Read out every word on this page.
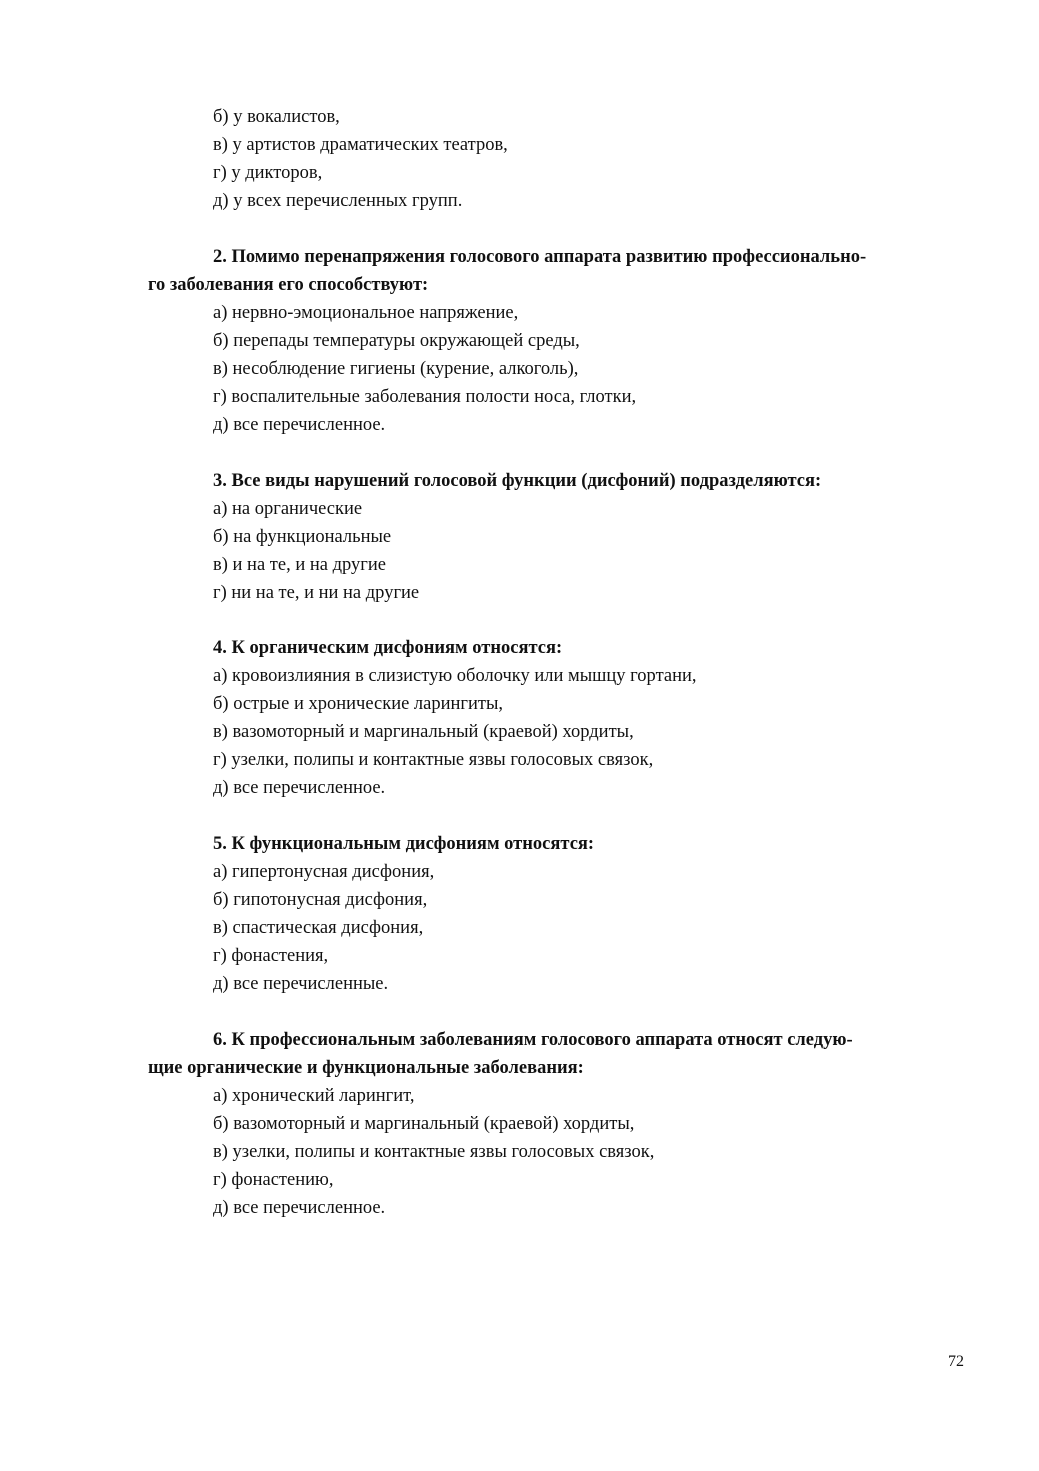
б) у вокалистов,
в) у артистов драматических театров,
г) у дикторов,
д) у всех перечисленных групп.
2. Помимо перенапряжения голосового аппарата развитию профессионально-
го заболевания его способствуют:
а) нервно-эмоциональное напряжение,
б) перепады температуры окружающей среды,
в) несоблюдение гигиены (курение, алкоголь),
г) воспалительные заболевания полости носа, глотки,
д) все перечисленное.
3. Все виды нарушений голосовой функции (дисфоний) подразделяются:
а) на органические
б) на функциональные
в) и на те, и на другие
г) ни на те, и ни на другие
4. К органическим дисфониям относятся:
а) кровоизлияния в слизистую оболочку или мышцу гортани,
б) острые и хронические ларингиты,
в) вазомоторный и маргинальный (краевой) хордиты,
г) узелки, полипы и контактные язвы голосовых связок,
д) все перечисленное.
5. К функциональным дисфониям относятся:
а) гипертонусная дисфония,
б) гипотонусная дисфония,
в) спастическая дисфония,
г) фонастения,
д) все перечисленные.
6. К профессиональным заболеваниям голосового аппарата относят следую-
щие органические и функциональные заболевания:
а) хронический ларингит,
б) вазомоторный и маргинальный (краевой) хордиты,
в) узелки, полипы и контактные язвы голосовых связок,
г) фонастению,
д) все перечисленное.
72
